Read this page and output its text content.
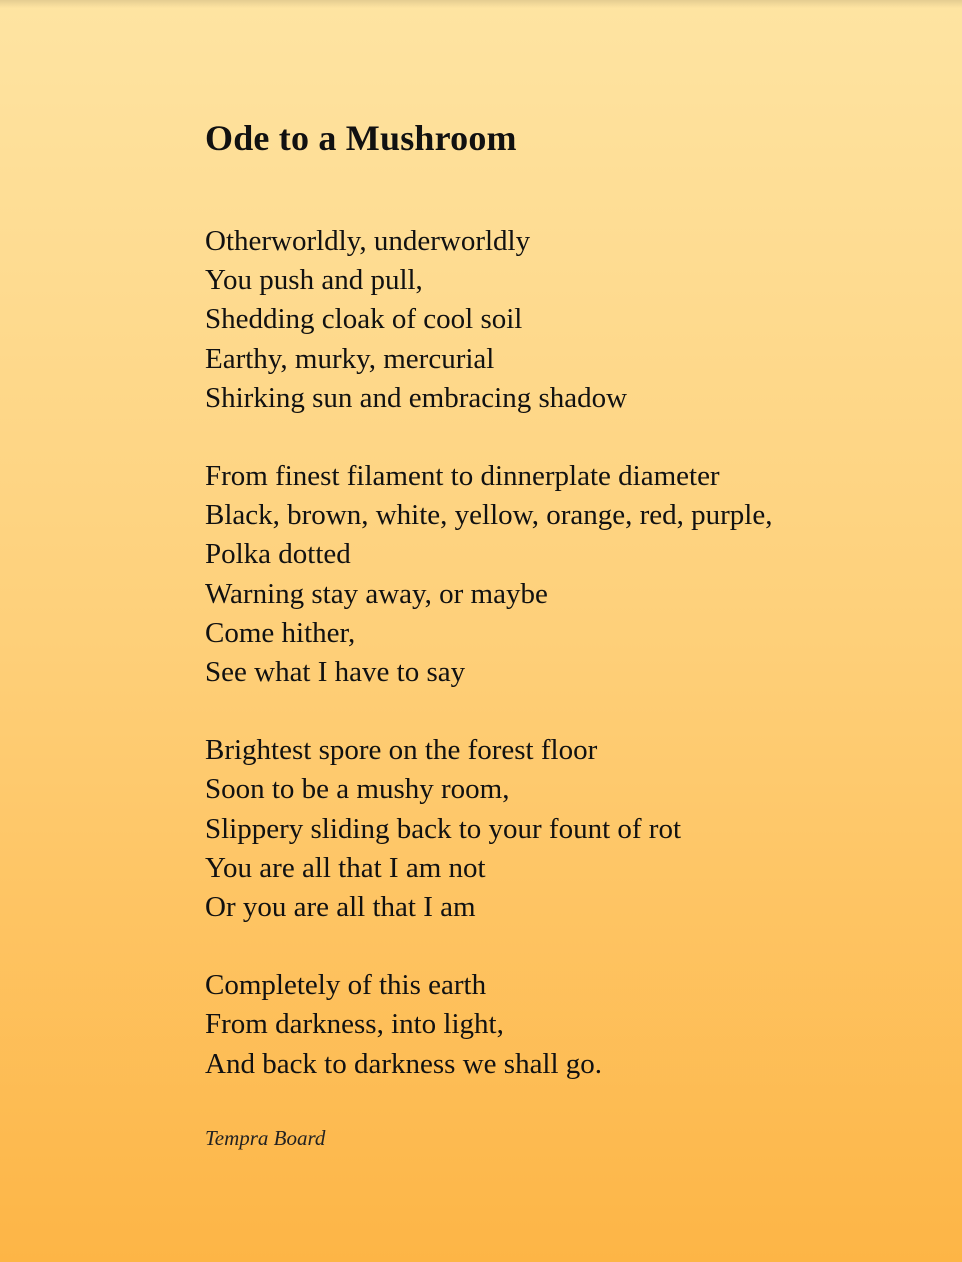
Ode to a Mushroom
Otherworldly, underworldly
You push and pull,
Shedding cloak of cool soil
Earthy, murky, mercurial
Shirking sun and embracing shadow
From finest filament to dinnerplate diameter
Black, brown, white, yellow, orange, red, purple,
Polka dotted
Warning stay away, or maybe
Come hither,
See what I have to say
Brightest spore on the forest floor
Soon to be a mushy room,
Slippery sliding back to your fount of rot
You are all that I am not
Or you are all that I am
Completely of this earth
From darkness, into light,
And back to darkness we shall go.
Tempra Board
